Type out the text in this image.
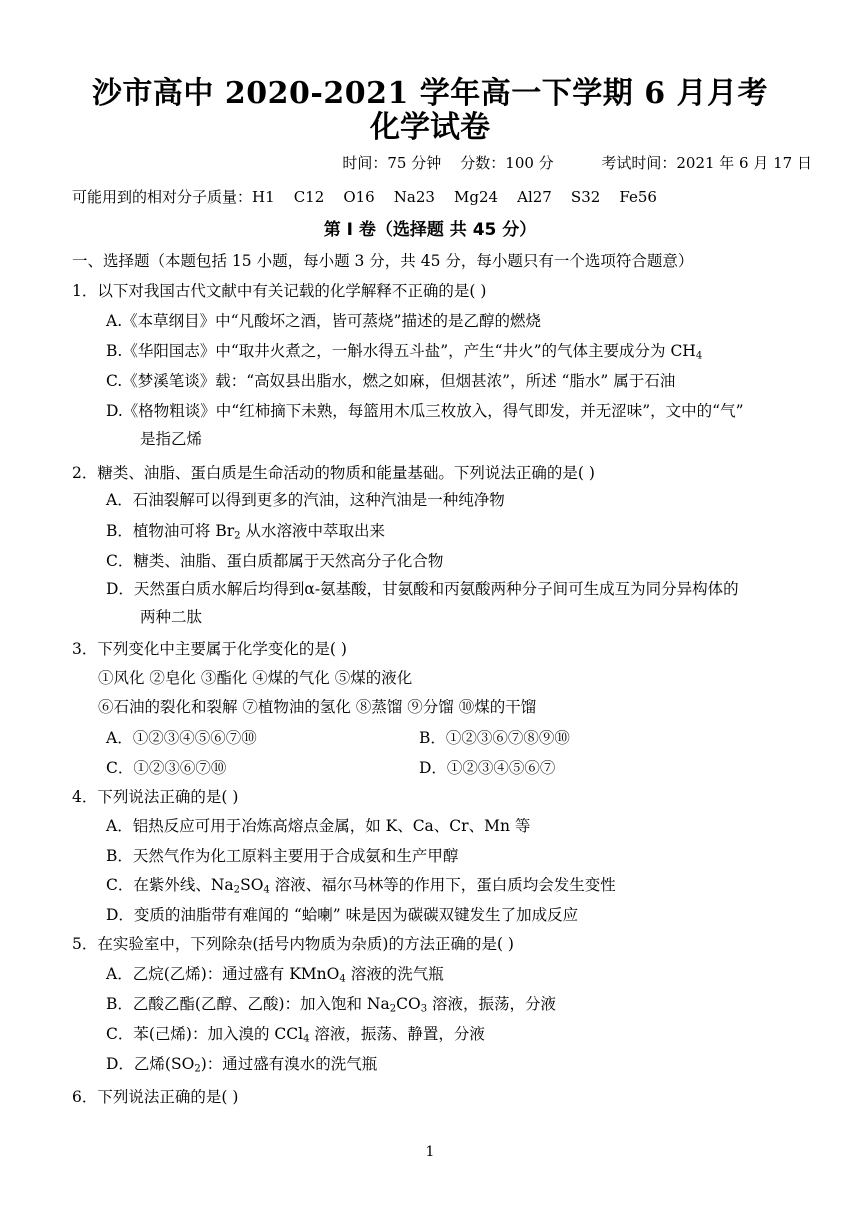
沙市高中 2020-2021 学年高一下学期 6 月月考
化学试卷
时间：75 分钟    分数：100 分          考试时间：2021 年 6 月 17 日
可能用到的相对分子质量：H1    C12    O16    Na23    Mg24    Al27    S32    Fe56
第 Ⅰ 卷（选择题 共 45 分）
一、选择题（本题包括 15 小题，每小题 3 分，共 45 分，每小题只有一个选项符合题意）
1．以下对我国古代文献中有关记载的化学解释不正确的是( )
A.《本草纲目》中“凡酸坏之酒，皆可蒸烧”描述的是乙醇的燃烧
B.《华阳国志》中“取井火煮之，一斛水得五斗盐”，产生“井火”的气体主要成分为 $CH_4$
C.《梦溪笔谈》载：“高奴县出脂水，燃之如麻，但烟甚浓”，所述 “脂水” 属于石油
D.《格物粗谈》中“红柿摘下未熟，每篮用木瓜三枚放入，得气即发，并无涩味”，文中的“气”
是指乙烯
2．糖类、油脂、蛋白质是生命活动的物质和能量基础。下列说法正确的是( )
A．石油裂解可以得到更多的汽油，这种汽油是一种纯净物
B．植物油可将 $Br_2$ 从水溶液中萃取出来
C．糖类、油脂、蛋白质都属于天然高分子化合物
D．天然蛋白质水解后均得到α-氨基酸，甘氨酸和丙氨酸两种分子间可生成互为同分异构体的
两种二肽
3．下列变化中主要属于化学变化的是( )
①风化 ②皂化 ③酯化 ④煤的气化 ⑤煤的液化
⑥石油的裂化和裂解 ⑦植物油的氢化 ⑧蒸馏 ⑨分馏 ⑩煤的干馏
A．①②③④⑤⑥⑦⑩	B．①②③⑥⑦⑧⑨⑩
C．①②③⑥⑦⑩	D．①②③④⑤⑥⑦
4．下列说法正确的是( )
A．铝热反应可用于冶炼高熔点金属，如 K、Ca、Cr、Mn 等
B．天然气作为化工原料主要用于合成氨和生产甲醇
C．在紫外线、$Na_2SO_4$ 溶液、福尔马林等的作用下，蛋白质均会发生变性
D．变质的油脂带有难闻的 “蛤喇” 味是因为碳碳双键发生了加成反应
5．在实验室中，下列除杂(括号内物质为杂质)的方法正确的是( )
A．乙烷(乙烯)：通过盛有 KMnO$_4$ 溶液的洗气瓶
B．乙酸乙酯(乙醇、乙酸)：加入饱和 $Na_2CO_3$ 溶液，振荡，分液
C．苯(己烯)：加入溴的 CCl$_4$ 溶液，振荡、静置，分液
D．乙烯$(SO_2)$：通过盛有溴水的洗气瓶
6．下列说法正确的是( )
1
